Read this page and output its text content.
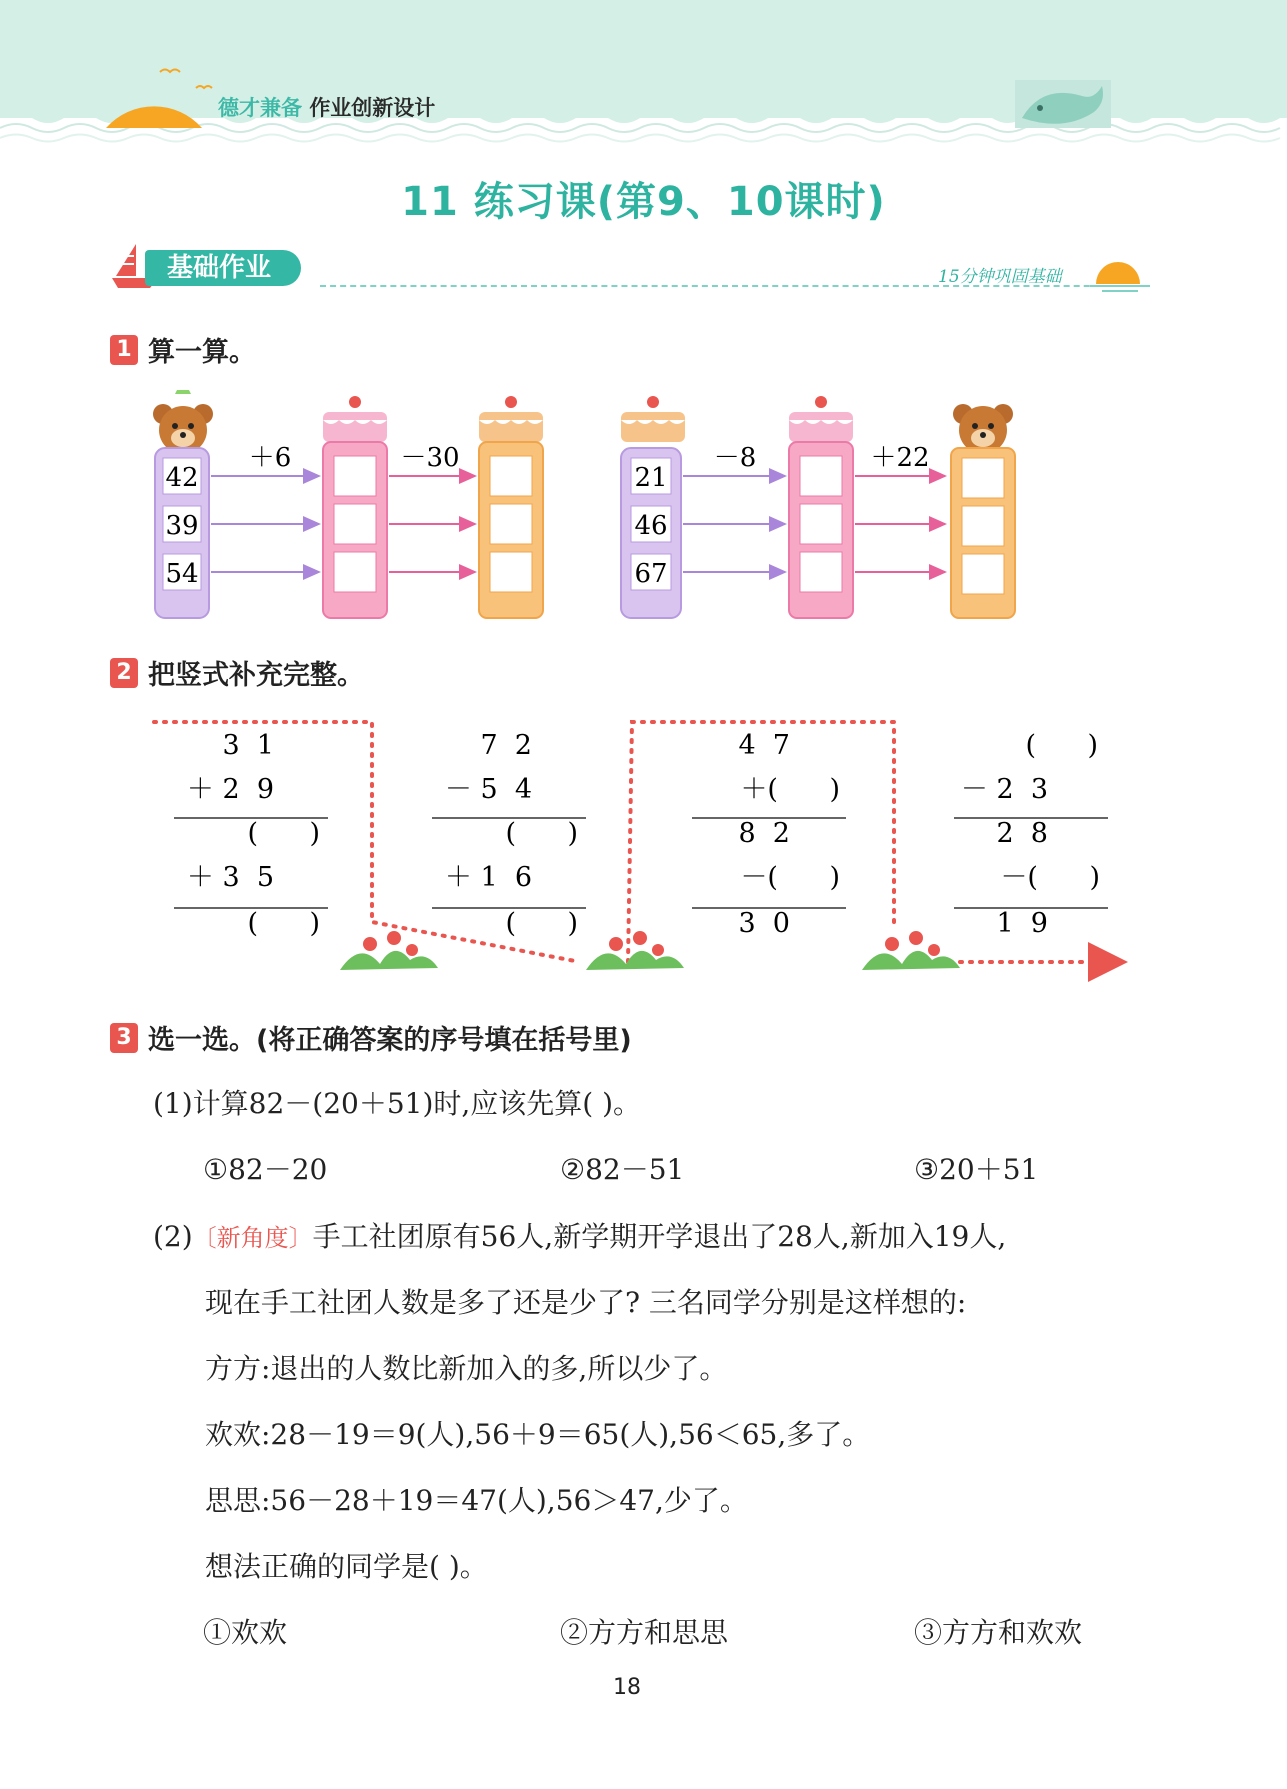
德才兼备 作业创新设计
11 练习课(第9、10课时)
基础作业	15分钟巩固基础
1 算一算。
42
39
54
＋6	－30
21
46
67
－8	＋22
2 把竖式补充完整。
3  1
＋ 2  9
(      )
＋ 3  5
(      )
7  2
－ 5  4
(      )
＋ 1  6
(      )
4  7
＋(      )
8  2
－(      )
3  0
(      )
－ 2  3
2  8
－(      )
1  9
3 选一选。(将正确答案的序号填在括号里)
(1)计算82－(20＋51)时,应该先算( )。
①82－20	②82－51	③20＋51
(2)〔新角度〕手工社团原有56人,新学期开学退出了28人,新加入19人,
现在手工社团人数是多了还是少了? 三名同学分别是这样想的:
方方:退出的人数比新加入的多,所以少了。
欢欢:28－19＝9(人),56＋9＝65(人),56＜65,多了。
思思:56－28＋19＝47(人),56＞47,少了。
想法正确的同学是( )。
①欢欢	②方方和思思	③方方和欢欢
18
